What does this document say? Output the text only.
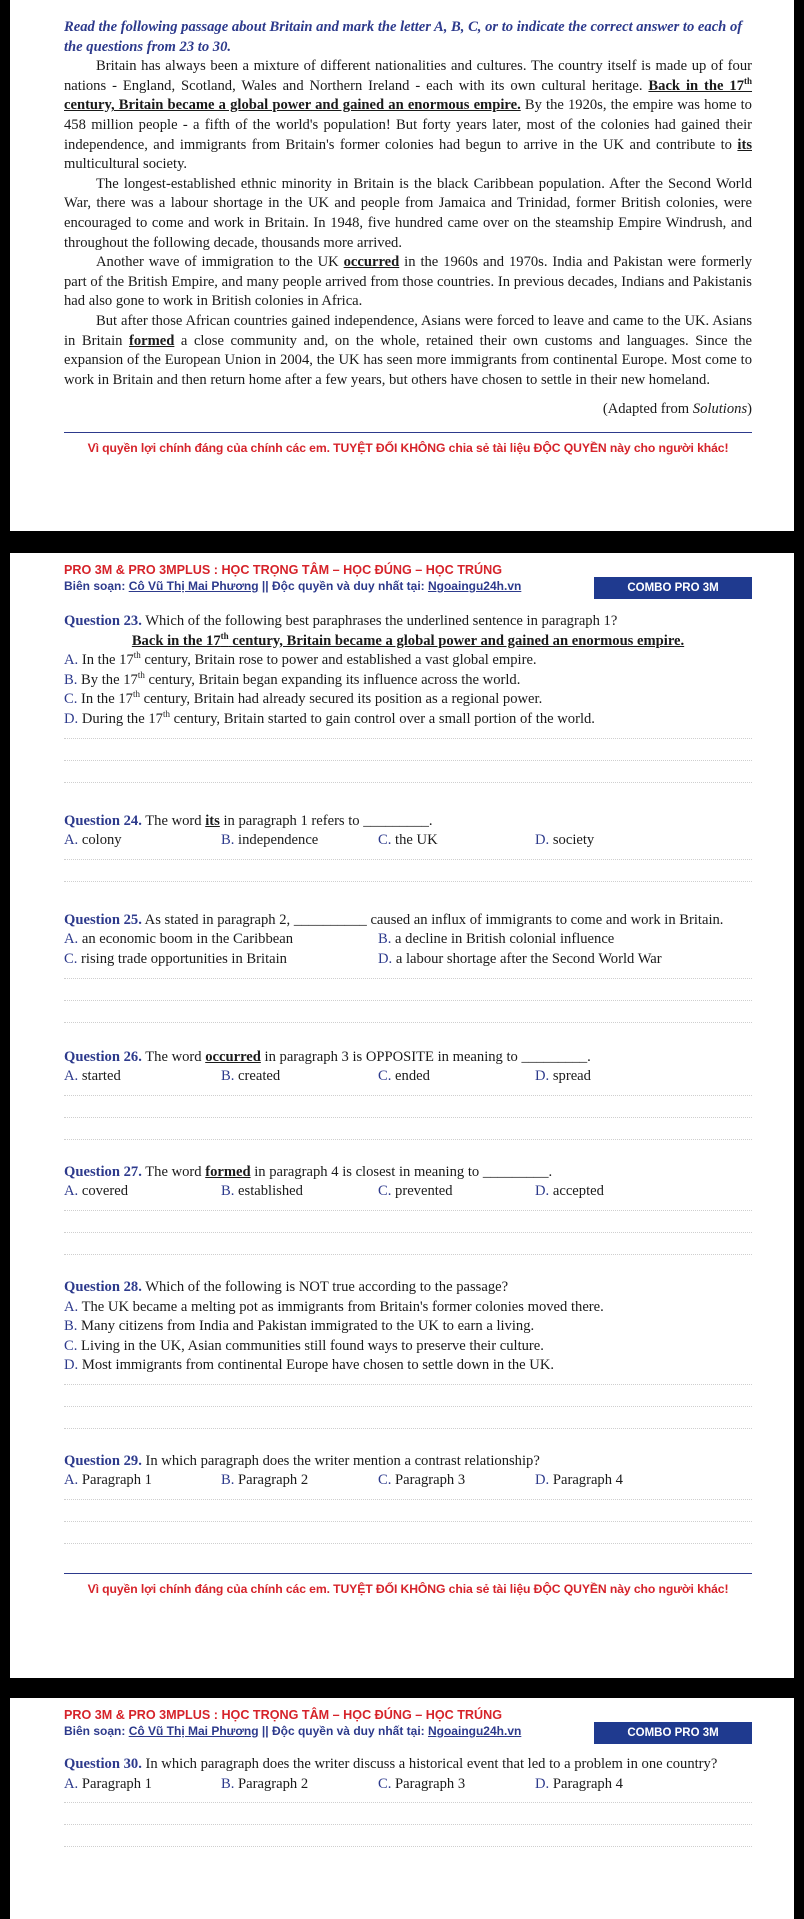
Read the following passage about Britain and mark the letter A, B, C, or to indicate the correct answer to each of the questions from 23 to 30.

Britain has always been a mixture of different nationalities and cultures. The country itself is made up of four nations - England, Scotland, Wales and Northern Ireland - each with its own cultural heritage. Back in the 17th century, Britain became a global power and gained an enormous empire. By the 1920s, the empire was home to 458 million people - a fifth of the world's population! But forty years later, most of the colonies had gained their independence, and immigrants from Britain's former colonies had begun to arrive in the UK and contribute to its multicultural society.

The longest-established ethnic minority in Britain is the black Caribbean population. After the Second World War, there was a labour shortage in the UK and people from Jamaica and Trinidad, former British colonies, were encouraged to come and work in Britain. In 1948, five hundred came over on the steamship Empire Windrush, and throughout the following decade, thousands more arrived.

Another wave of immigration to the UK occurred in the 1960s and 1970s. India and Pakistan were formerly part of the British Empire, and many people arrived from those countries. In previous decades, Indians and Pakistanis had also gone to work in British colonies in Africa.

But after those African countries gained independence, Asians were forced to leave and came to the UK. Asians in Britain formed a close community and, on the whole, retained their own customs and languages. Since the expansion of the European Union in 2004, the UK has seen more immigrants from continental Europe. Most come to work in Britain and then return home after a few years, but others have chosen to settle in their new homeland.

(Adapted from Solutions)
Vì quyền lợi chính đáng của chính các em. TUYỆT ĐỐI KHÔNG chia sẻ tài liệu ĐỘC QUYỀN này cho người khác!
PRO 3M & PRO 3MPLUS : HỌC TRỌNG TÂM – HỌC ĐÚNG – HỌC TRÚNG
Biên soạn: Cô Vũ Thị Mai Phương || Độc quyền và duy nhất tại: Ngoaingu24h.vn	COMBO PRO 3M
Question 23. Which of the following best paraphrases the underlined sentence in paragraph 1?
Back in the 17th century, Britain became a global power and gained an enormous empire.
A. In the 17th century, Britain rose to power and established a vast global empire.
B. By the 17th century, Britain began expanding its influence across the world.
C. In the 17th century, Britain had already secured its position as a regional power.
D. During the 17th century, Britain started to gain control over a small portion of the world.
Question 24. The word its in paragraph 1 refers to _________.
A. colony	B. independence	C. the UK	D. society
Question 25. As stated in paragraph 2, __________ caused an influx of immigrants to come and work in Britain.
A. an economic boom in the Caribbean	B. a decline in British colonial influence
C. rising trade opportunities in Britain	D. a labour shortage after the Second World War
Question 26. The word occurred in paragraph 3 is OPPOSITE in meaning to _________.
A. started	B. created	C. ended	D. spread
Question 27. The word formed in paragraph 4 is closest in meaning to _________.
A. covered	B. established	C. prevented	D. accepted
Question 28. Which of the following is NOT true according to the passage?
A. The UK became a melting pot as immigrants from Britain's former colonies moved there.
B. Many citizens from India and Pakistan immigrated to the UK to earn a living.
C. Living in the UK, Asian communities still found ways to preserve their culture.
D. Most immigrants from continental Europe have chosen to settle down in the UK.
Question 29. In which paragraph does the writer mention a contrast relationship?
A. Paragraph 1	B. Paragraph 2	C. Paragraph 3	D. Paragraph 4
Vì quyền lợi chính đáng của chính các em. TUYỆT ĐỐI KHÔNG chia sẻ tài liệu ĐỘC QUYỀN này cho người khác!
PRO 3M & PRO 3MPLUS : HỌC TRỌNG TÂM – HỌC ĐÚNG – HỌC TRÚNG
Biên soạn: Cô Vũ Thị Mai Phương || Độc quyền và duy nhất tại: Ngoaingu24h.vn	COMBO PRO 3M
Question 30. In which paragraph does the writer discuss a historical event that led to a problem in one country?
A. Paragraph 1	B. Paragraph 2	C. Paragraph 3	D. Paragraph 4
